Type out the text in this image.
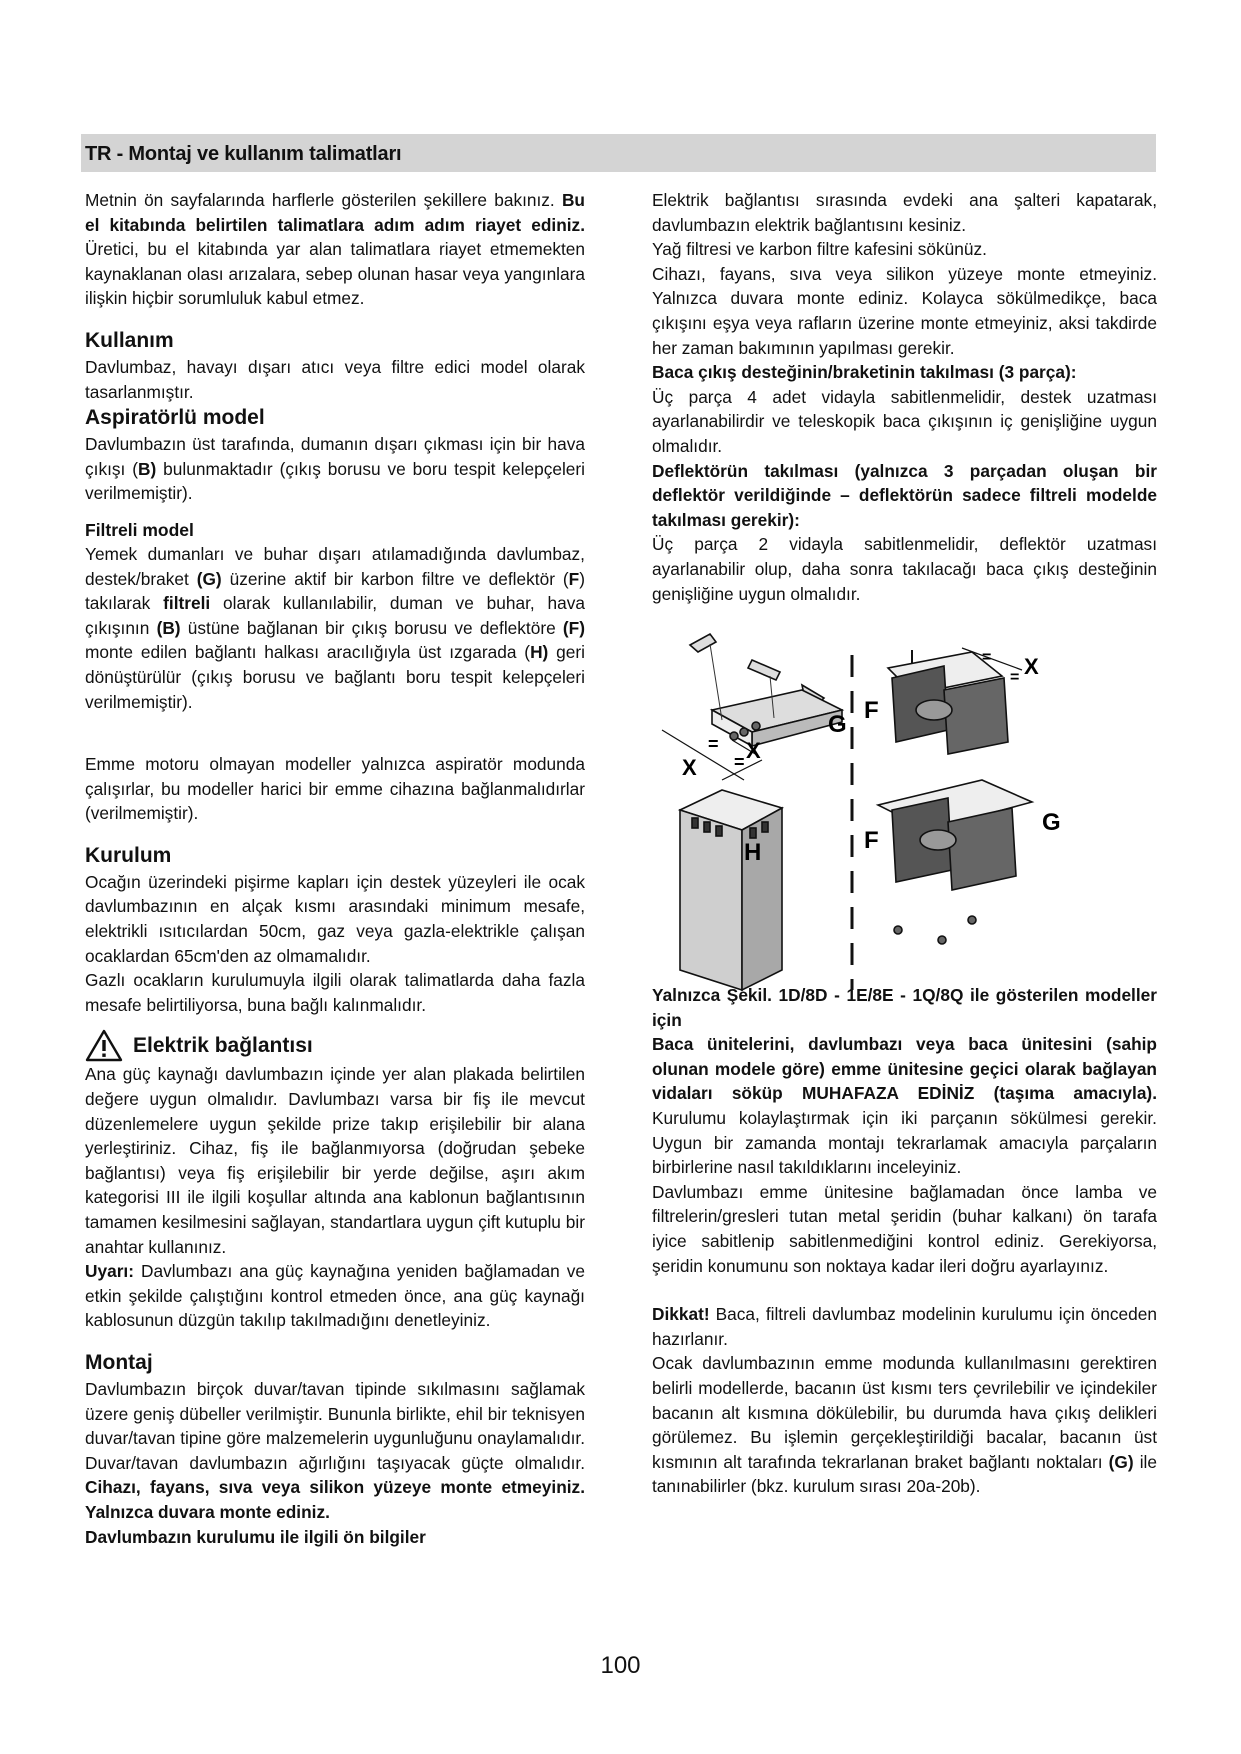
TR - Montaj ve kullanım talimatları

Metnin ön sayfalarında harflerle gösterilen şekillere bakınız. Bu el kitabında belirtilen talimatlara adım adım riayet ediniz. Üretici, bu el kitabında yar alan talimatlara riayet etmemekten kaynaklanan olası arızalara, sebep olunan hasar veya yangınlara ilişkin hiçbir sorumluluk kabul etmez.

Kullanım

Davlumbaz, havayı dışarı atıcı veya filtre edici model olarak tasarlanmıştır.

Aspiratörlü model

Davlumbazın üst tarafında, dumanın dışarı çıkması için bir hava çıkışı (B) bulunmaktadır (çıkış borusu ve boru tespit kelepçeleri verilmemiştir).

Filtreli model

Yemek dumanları ve buhar dışarı atılamadığında davlumbaz, destek/braket (G) üzerine aktif bir karbon filtre ve deflektör (F) takılarak filtreli olarak kullanılabilir, duman ve buhar, hava çıkışının (B) üstüne bağlanan bir çıkış borusu ve deflektöre (F) monte edilen bağlantı halkası aracılığıyla üst ızgarada (H) geri dönüştürülür (çıkış borusu ve bağlantı boru tespit kelepçeleri verilmemiştir).

Emme motoru olmayan modeller yalnızca aspiratör modunda çalışırlar, bu modeller harici bir emme cihazına bağlanmalıdırlar (verilmemiştir).

Kurulum

Ocağın üzerindeki pişirme kapları için destek yüzeyleri ile ocak davlumbazının en alçak kısmı arasındaki minimum mesafe, elektrikli ısıtıcılardan 50cm, gaz veya gazla-elektrikle çalışan ocaklardan 65cm'den az olmamalıdır.

Gazlı ocakların kurulumuyla ilgili olarak talimatlarda daha fazla mesafe belirtiliyorsa, buna bağlı kalınmalıdır.

Elektrik bağlantısı

Ana güç kaynağı davlumbazın içinde yer alan plakada belirtilen değere uygun olmalıdır. Davlumbazı varsa bir fiş ile mevcut düzenlemelere uygun şekilde prize takıp erişilebilir bir alana yerleştiriniz. Cihaz, fiş ile bağlanmıyorsa (doğrudan şebeke bağlantısı) veya fiş erişilebilir bir yerde değilse, aşırı akım kategorisi III ile ilgili koşullar altında ana kablonun bağlantısının tamamen kesilmesini sağlayan, standartlara uygun çift kutuplu bir anahtar kullanınız.

Uyarı: Davlumbazı ana güç kaynağına yeniden bağlamadan ve etkin şekilde çalıştığını kontrol etmeden önce, ana güç kaynağı kablosunun düzgün takılıp takılmadığını denetleyiniz.

Montaj

Davlumbazın birçok duvar/tavan tipinde sıkılmasını sağlamak üzere geniş dübeller verilmiştir. Bununla birlikte, ehil bir teknisyen duvar/tavan tipine göre malzemelerin uygunluğunu onaylamalıdır. Duvar/tavan davlumbazın ağırlığını taşıyacak güçte olmalıdır. Cihazı, fayans, sıva veya silikon yüzeye monte etmeyiniz. Yalnızca duvara monte ediniz.

Davlumbazın kurulumu ile ilgili ön bilgiler

Elektrik bağlantısı sırasında evdeki ana şalteri kapatarak, davlumbazın elektrik bağlantısını kesiniz.

Yağ filtresi ve karbon filtre kafesini sökünüz.

Cihazı, fayans, sıva veya silikon yüzeye monte etmeyiniz. Yalnızca duvara monte ediniz. Kolayca sökülmedikçe, baca çıkışını eşya veya rafların üzerine monte etmeyiniz, aksi takdirde her zaman bakımının yapılması gerekir.

Baca çıkış desteğinin/braketinin takılması (3 parça):

Üç parça 4 adet vidayla sabitlenmelidir, destek uzatması ayarlanabilirdir ve teleskopik baca çıkışının iç genişliğine uygun olmalıdır.

Deflektörün takılması (yalnızca 3 parçadan oluşan bir deflektör verildiğinde – deflektörün sadece filtreli modelde takılması gerekir):

Üç parça 2 vidayla sabitlenmelidir, deflektör uzatması ayarlanabilir olup, daha sonra takılacağı baca çıkış desteğinin genişliğine uygun olmalıdır.

Yalnızca Şekil. 1D/8D - 1E/8E - 1Q/8Q ile gösterilen modeller için

Baca ünitelerini, davlumbazı veya baca ünitesini (sahip olunan modele göre) emme ünitesine geçici olarak bağlayan vidaları söküp MUHAFAZA EDİNİZ (taşıma amacıyla). Kurulumu kolaylaştırmak için iki parçanın sökülmesi gerekir. Uygun bir zamanda montajı tekrarlamak amacıyla parçaların birbirlerine nasıl takıldıklarını inceleyiniz.

Davlumbazı emme ünitesine bağlamadan önce lamba ve filtrelerin/gresleri tutan metal şeridin (buhar kalkanı) ön tarafa iyice sabitlenip sabitlenmediğini kontrol ediniz. Gerekiyorsa, şeridin konumunu son noktaya kadar ileri doğru ayarlayınız.

Dikkat! Baca, filtreli davlumbaz modelinin kurulumu için önceden hazırlanır.

Ocak davlumbazının emme modunda kullanılmasını gerektiren belirli modellerde, bacanın üst kısmı ters çevrilebilir ve içindekiler bacanın alt kısmına dökülebilir, bu durumda hava çıkış delikleri görülemez. Bu işlemin gerçekleştirildiği bacalar, bacanın üst kısmının alt tarafında tekrarlanan braket bağlantı noktaları (G) ile tanınabilirler (bkz. kurulum sırası 20a-20b).

X =
=
G
X
H
X
=
=
F
F
G
100
